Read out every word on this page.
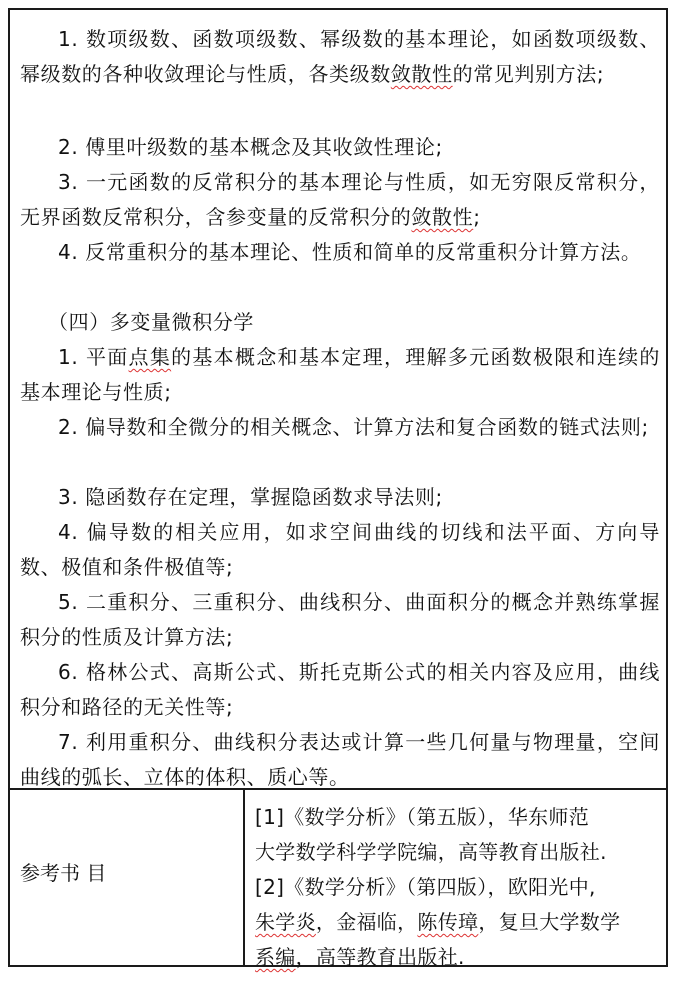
1. 数项级数、函数项级数、幂级数的基本理论，如函数项级数、幂级数的各种收敛理论与性质，各类级数敛散性的常见判别方法;

2. 傅里叶级数的基本概念及其收敛性理论;

3. 一元函数的反常积分的基本理论与性质，如无穷限反常积分，无界函数反常积分，含参变量的反常积分的敛散性;

4. 反常重积分的基本理论、性质和简单的反常重积分计算方法。

（四）多变量微积分学

1. 平面点集的基本概念和基本定理，理解多元函数极限和连续的基本理论与性质;

2. 偏导数和全微分的相关概念、计算方法和复合函数的链式法则;

3. 隐函数存在定理，掌握隐函数求导法则;

4. 偏导数的相关应用，如求空间曲线的切线和法平面、方向导数、极值和条件极值等;

5. 二重积分、三重积分、曲线积分、曲面积分的概念并熟练掌握积分的性质及计算方法;

6. 格林公式、高斯公式、斯托克斯公式的相关内容及应用，曲线积分和路径的无关性等;

7. 利用重积分、曲线积分表达或计算一些几何量与物理量，空间 曲线的弧长、立体的体积、质心等。

参考书 目
[1]《数学分析》（第五版），华东师范
大学数学科学学院编，高等教育出版社.
[2]《数学分析》（第四版），欧阳光中,
朱学炎，金福临，陈传璋，复旦大学数学
系编，高等教育出版社.
